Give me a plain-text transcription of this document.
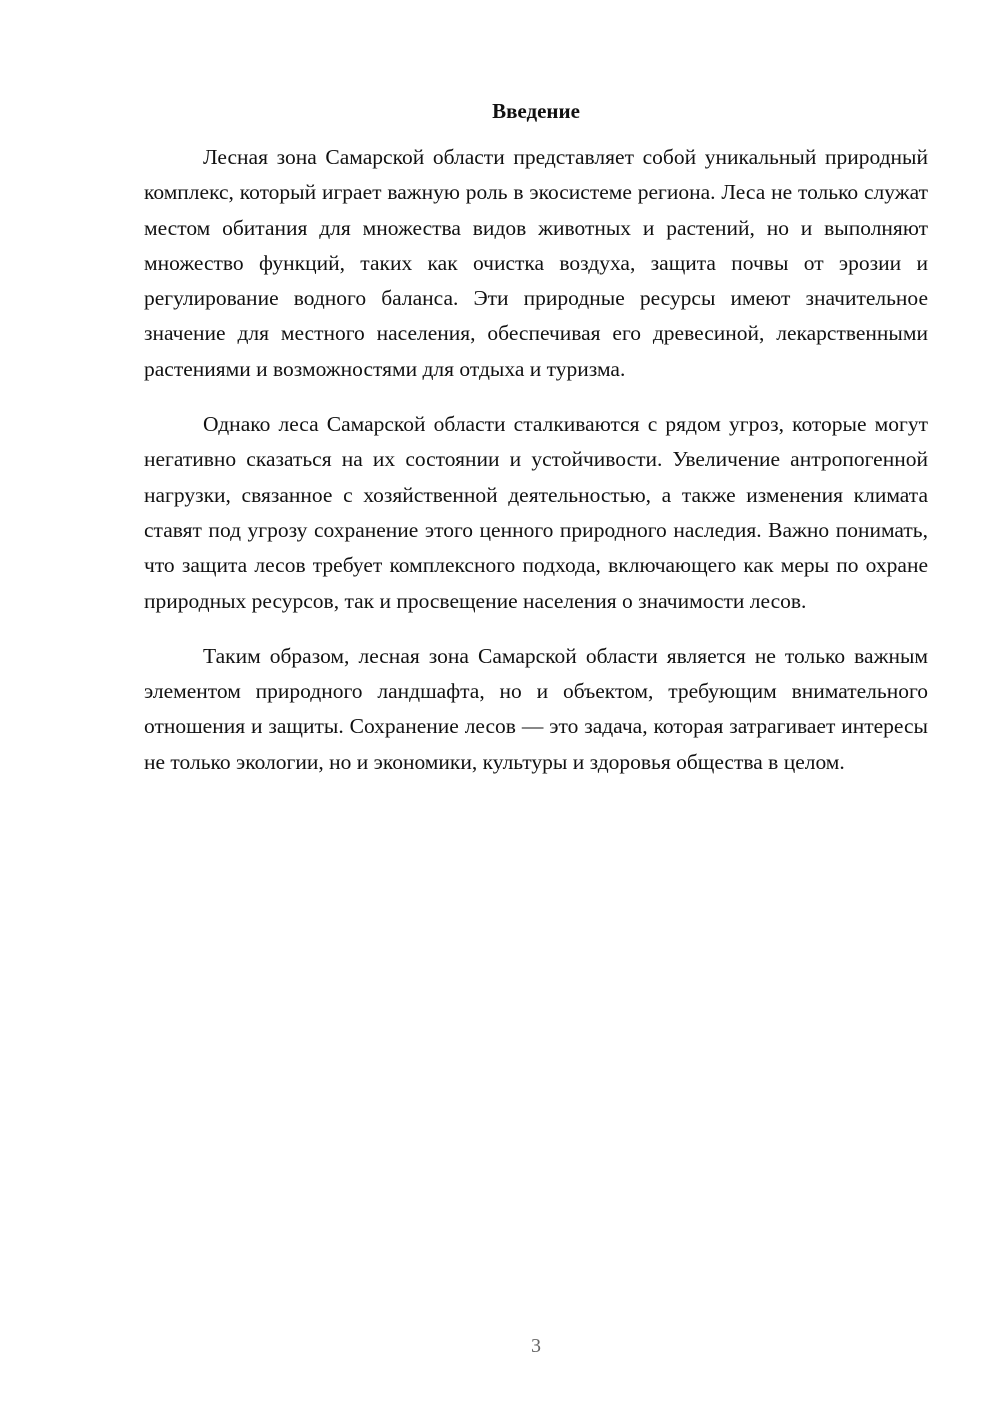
Введение

Лесная зона Самарской области представляет собой уникальный природный комплекс, который играет важную роль в экосистеме региона. Леса не только служат местом обитания для множества видов животных и растений, но и выполняют множество функций, таких как очистка воздуха, защита почвы от эрозии и регулирование водного баланса. Эти природные ресурсы имеют значительное значение для местного населения, обеспечивая его древесиной, лекарственными растениями и возможностями для отдыха и туризма.

Однако леса Самарской области сталкиваются с рядом угроз, которые могут негативно сказаться на их состоянии и устойчивости. Увеличение антропогенной нагрузки, связанное с хозяйственной деятельностью, а также изменения климата ставят под угрозу сохранение этого ценного природного наследия. Важно понимать, что защита лесов требует комплексного подхода, включающего как меры по охране природных ресурсов, так и просвещение населения о значимости лесов.

Таким образом, лесная зона Самарской области является не только важным элементом природного ландшафта, но и объектом, требующим внимательного отношения и защиты. Сохранение лесов — это задача, которая затрагивает интересы не только экологии, но и экономики, культуры и здоровья общества в целом.

3
